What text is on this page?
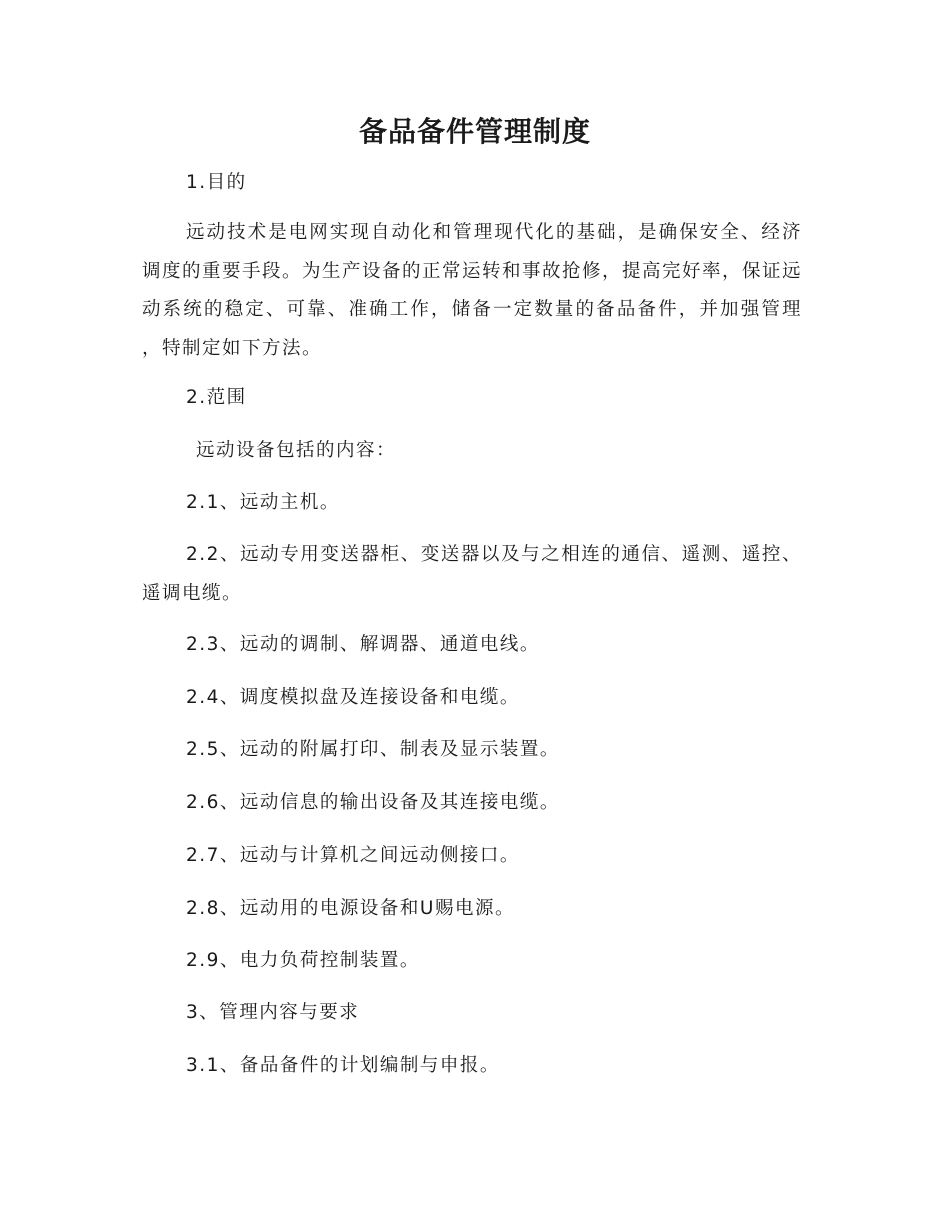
备品备件管理制度
1.目的
远动技术是电网实现自动化和管理现代化的基础，是确保安全、经济调度的重要手段。为生产设备的正常运转和事故抢修，提高完好率，保证远动系统的稳定、可靠、准确工作，储备一定数量的备品备件，并加强管理 ，特制定如下方法。
2.范围
远动设备包括的内容：
2.1、远动主机。
2.2、远动专用变送器柜、变送器以及与之相连的通信、遥测、遥控、遥调电缆。
2.3、远动的调制、解调器、通道电线。
2.4、调度模拟盘及连接设备和电缆。
2.5、远动的附属打印、制表及显示装置。
2.6、远动信息的输出设备及其连接电缆。
2.7、远动与计算机之间远动侧接口。
2.8、远动用的电源设备和U赐电源。
2.9、电力负荷控制装置。
3、管理内容与要求
3.1、备品备件的计划编制与申报。
